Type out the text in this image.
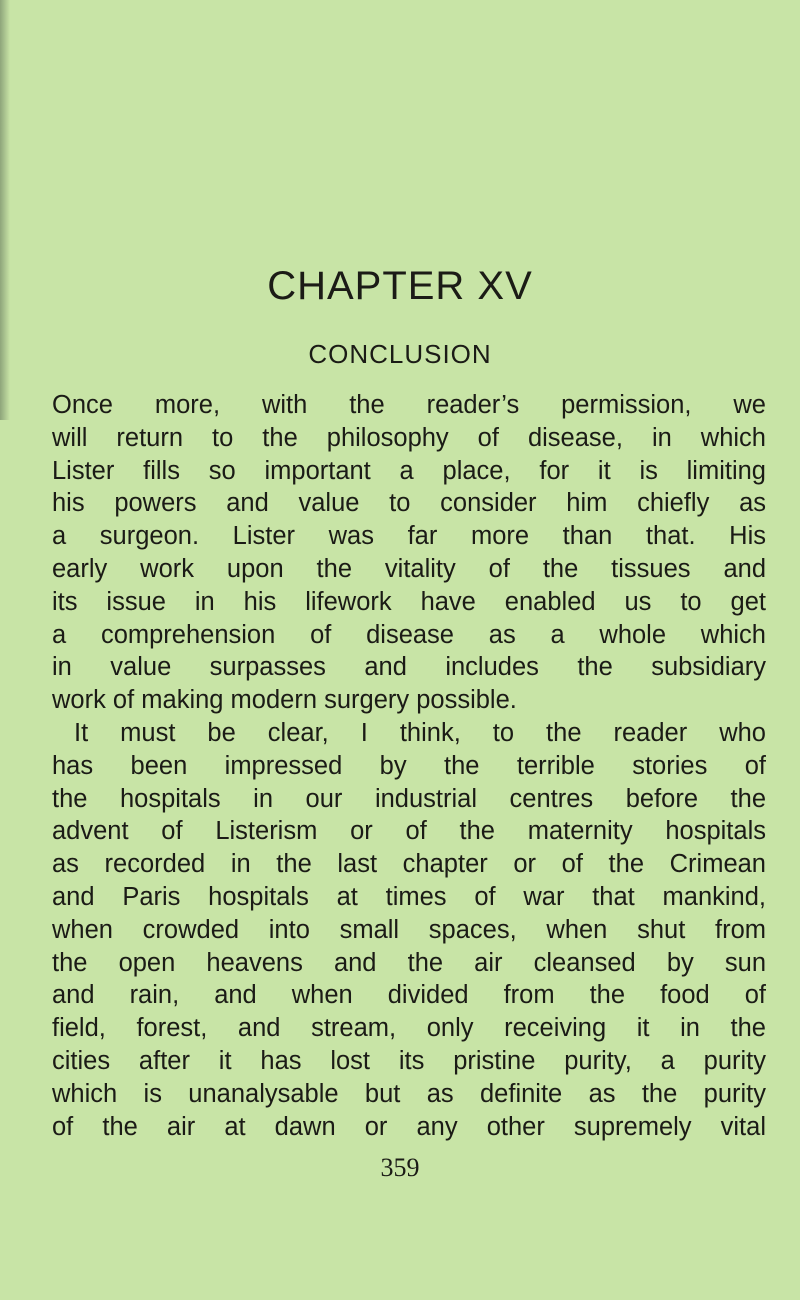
CHAPTER XV
CONCLUSION
Once more, with the reader’s permission, we
will return to the philosophy of disease, in which
Lister fills so important a place, for it is limiting
his powers and value to consider him chiefly as
a surgeon. Lister was far more than that. His
early work upon the vitality of the tissues and
its issue in his lifework have enabled us to get
a comprehension of disease as a whole which
in value surpasses and includes the subsidiary
work of making modern surgery possible.
It must be clear, I think, to the reader who
has been impressed by the terrible stories of
the hospitals in our industrial centres before the
advent of Listerism or of the maternity hospitals
as recorded in the last chapter or of the Crimean
and Paris hospitals at times of war that mankind,
when crowded into small spaces, when shut from
the open heavens and the air cleansed by sun
and rain, and when divided from the food of
field, forest, and stream, only receiving it in the
cities after it has lost its pristine purity, a purity
which is unanalysable but as definite as the purity
of the air at dawn or any other supremely vital
359
